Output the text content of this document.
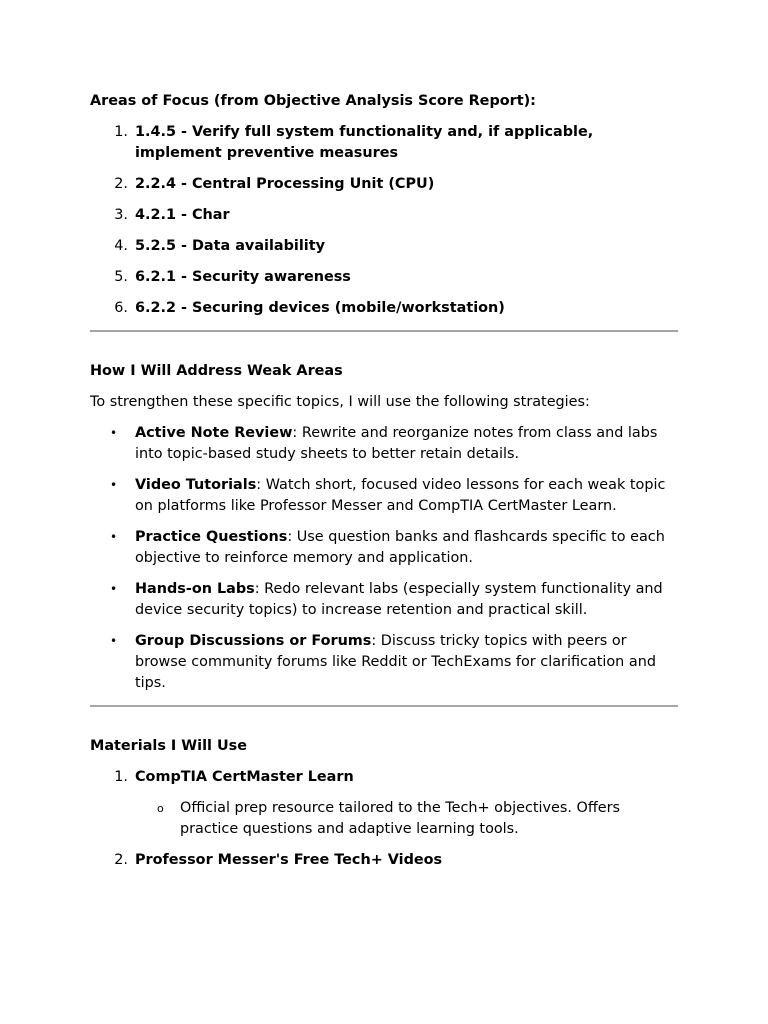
Areas of Focus (from Objective Analysis Score Report):

1. 1.4.5 - Verify full system functionality and, if applicable, implement preventive measures
2. 2.2.4 - Central Processing Unit (CPU)
3. 4.2.1 - Char
4. 5.2.5 - Data availability
5. 6.2.1 - Security awareness
6. 6.2.2 - Securing devices (mobile/workstation)

How I Will Address Weak Areas

To strengthen these specific topics, I will use the following strategies:

• Active Note Review: Rewrite and reorganize notes from class and labs into topic-based study sheets to better retain details.
• Video Tutorials: Watch short, focused video lessons for each weak topic on platforms like Professor Messer and CompTIA CertMaster Learn.
• Practice Questions: Use question banks and flashcards specific to each objective to reinforce memory and application.
• Hands-on Labs: Redo relevant labs (especially system functionality and device security topics) to increase retention and practical skill.
• Group Discussions or Forums: Discuss tricky topics with peers or browse community forums like Reddit or TechExams for clarification and tips.

Materials I Will Use

1. CompTIA CertMaster Learn
o Official prep resource tailored to the Tech+ objectives. Offers practice questions and adaptive learning tools.
2. Professor Messer's Free Tech+ Videos
